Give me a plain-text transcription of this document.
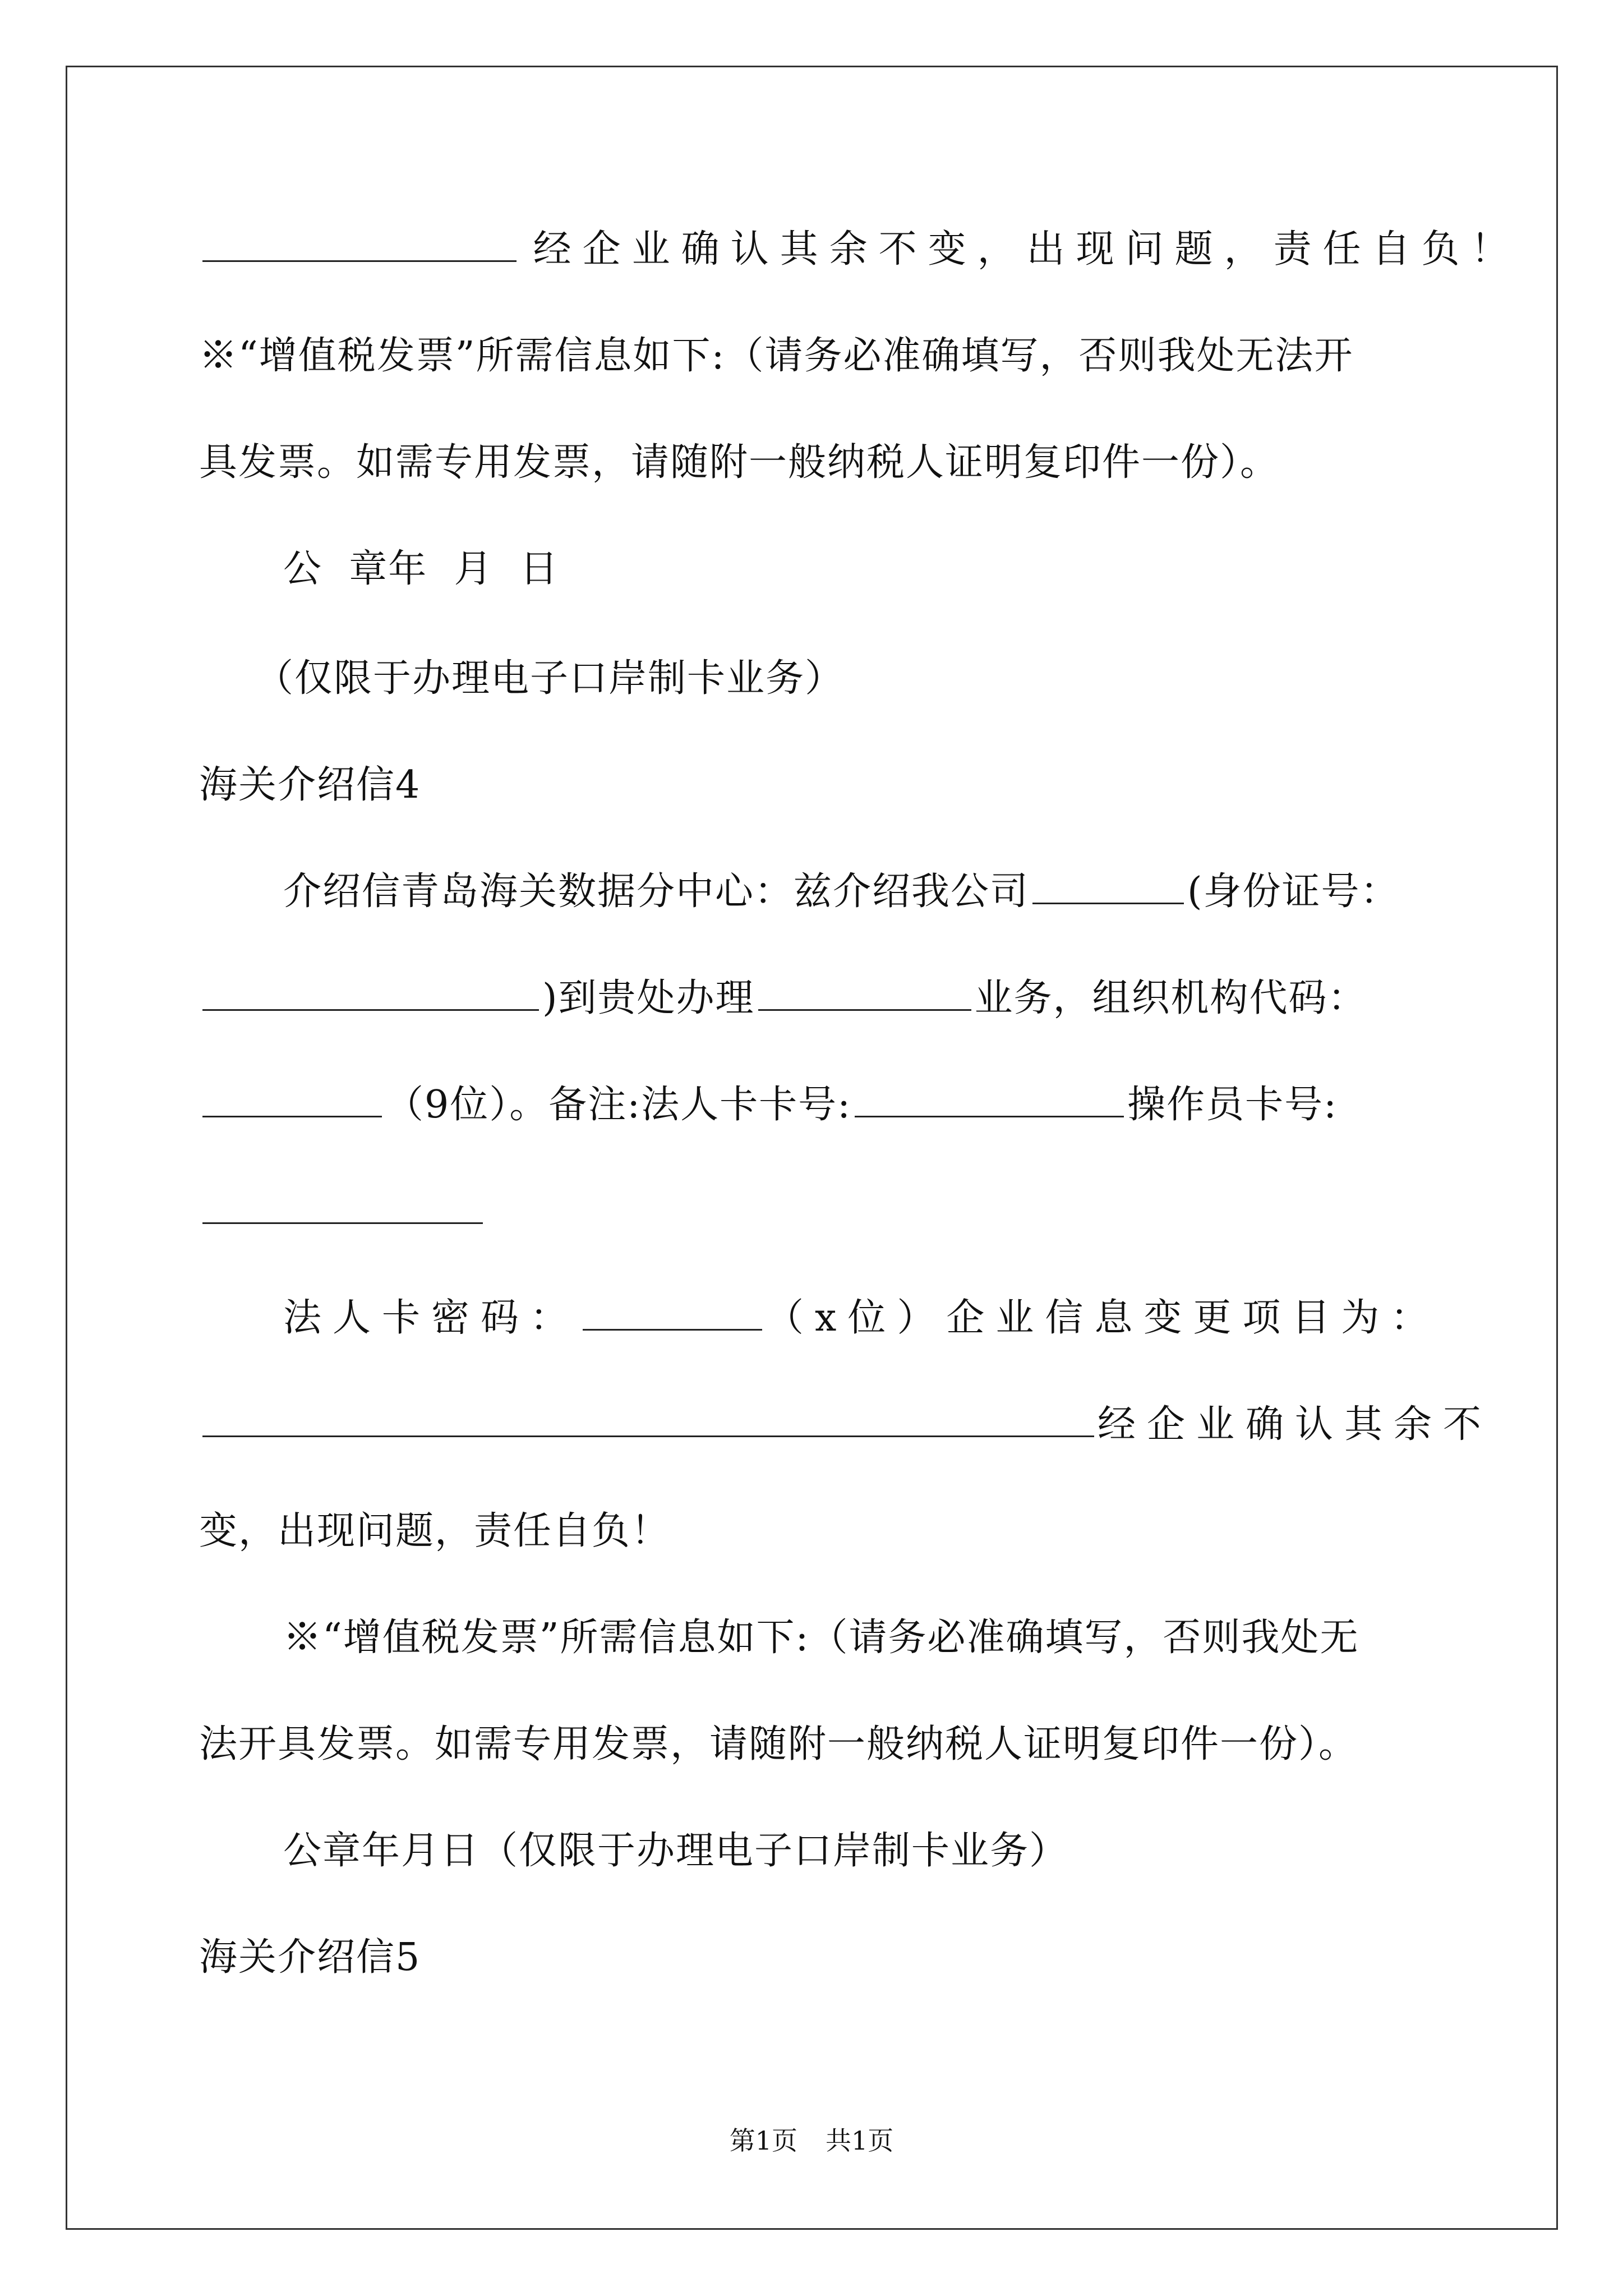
经企业确认其余不变，出现问题，责任自负！
※“增值税发票”所需信息如下:（请务必准确填写，否则我处无法开
具发票。如需专用发票，请随附一般纳税人证明复印件一份）。
公  章年  月  日
（仅限于办理电子口岸制卡业务）
海关介绍信4
介绍信青岛海关数据分中心：兹介绍我公司	(身份证号：
)到贵处办理	业务，组织机构代码：
（9位）。备注:法人卡卡号:	操作员卡号:
法人卡密码：	（x位）企业信息变更项目为：
经企业确认其余不
变，出现问题，责任自负！
※“增值税发票”所需信息如下:（请务必准确填写，否则我处无
法开具发票。如需专用发票，请随附一般纳税人证明复印件一份）。
公章年月日（仅限于办理电子口岸制卡业务）
海关介绍信5
第1页 共1页
